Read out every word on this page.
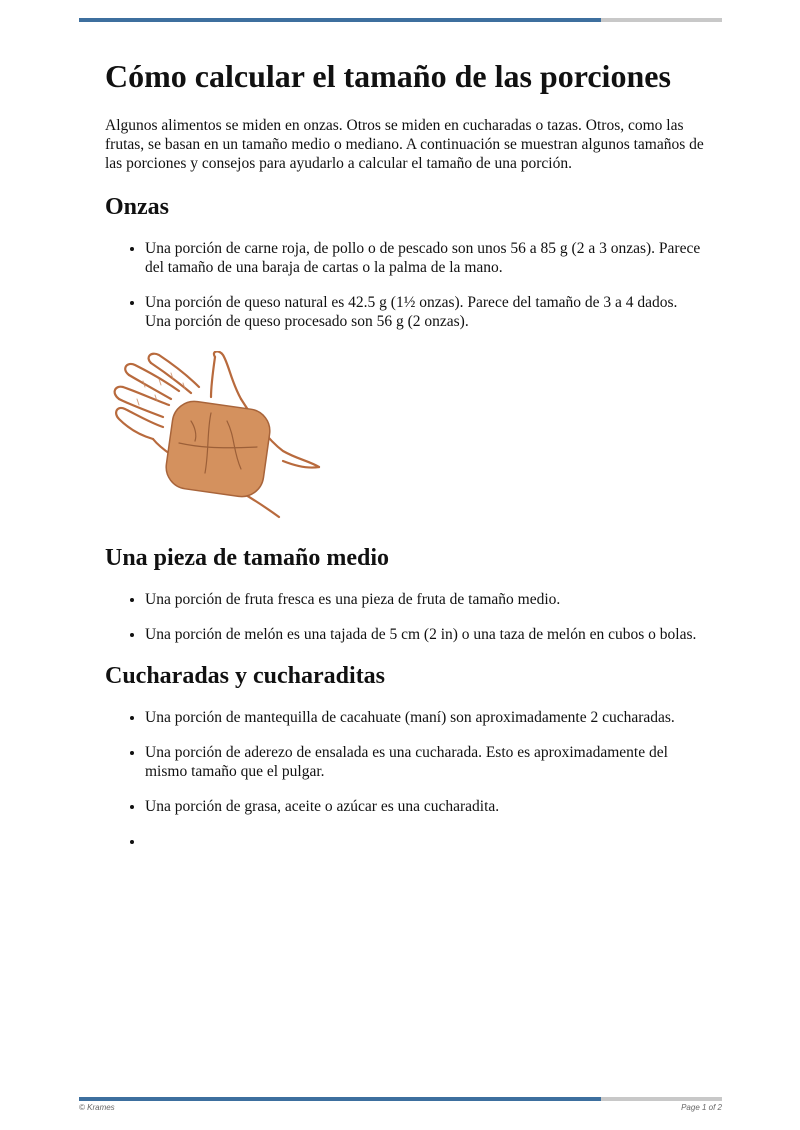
Cómo calcular el tamaño de las porciones

Algunos alimentos se miden en onzas. Otros se miden en cucharadas o tazas. Otros, como las frutas, se basan en un tamaño medio o mediano. A continuación se muestran algunos tamaños de las porciones y consejos para ayudarlo a calcular el tamaño de una porción.

Onzas
• Una porción de carne roja, de pollo o de pescado son unos 56 a 85 g (2 a 3 onzas). Parece del tamaño de una baraja de cartas o la palma de la mano.
• Una porción de queso natural es 42.5 g (1½ onzas). Parece del tamaño de 3 a 4 dados. Una porción de queso procesado son 56 g (2 onzas).
Una pieza de tamaño medio
• Una porción de fruta fresca es una pieza de fruta de tamaño medio.
• Una porción de melón es una tajada de 5 cm (2 in) o una taza de melón en cubos o bolas.
Cucharadas y cucharaditas
• Una porción de mantequilla de cacahuate (maní) son aproximadamente 2 cucharadas.
• Una porción de aderezo de ensalada es una cucharada. Esto es aproximadamente del mismo tamaño que el pulgar.
• Una porción de grasa, aceite o azúcar es una cucharadita.
•
© Krames	Page 1 of 2
